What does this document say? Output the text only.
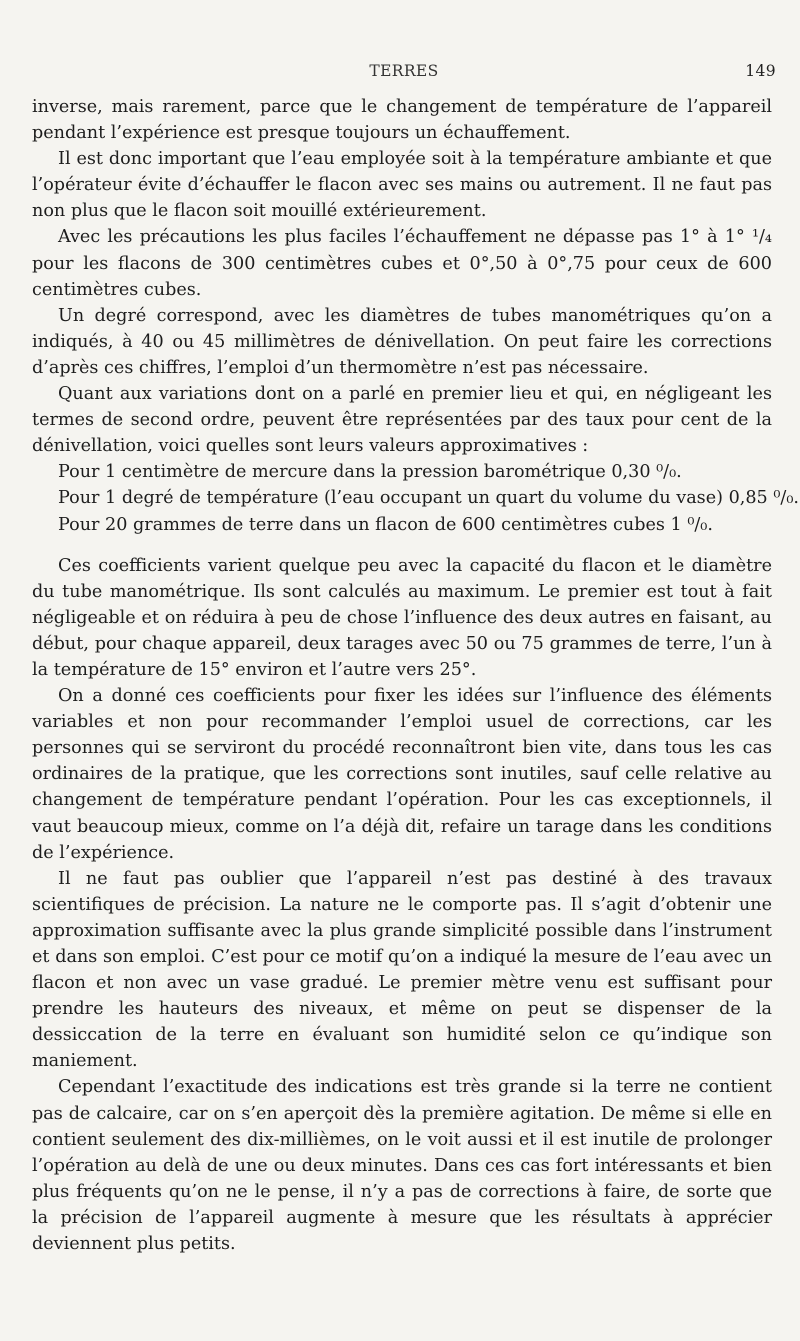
TERRES	149

inverse, mais rarement, parce que le changement de température de l’appareil pendant l’expérience est presque toujours un échauffement.

Il est donc important que l’eau employée soit à la température ambiante et que l’opérateur évite d’échauffer le flacon avec ses mains ou autrement. Il ne faut pas non plus que le flacon soit mouillé extérieurement.

Avec les précautions les plus faciles l’échauffement ne dépasse pas 1° à 1° ¹/₄ pour les flacons de 300 centimètres cubes et 0°,50 à 0°,75 pour ceux de 600 centimètres cubes.

Un degré correspond, avec les diamètres de tubes manométriques qu’on a indiqués, à 40 ou 45 millimètres de dénivellation. On peut faire les corrections d’après ces chiffres, l’emploi d’un thermomètre n’est pas nécessaire.

Quant aux variations dont on a parlé en premier lieu et qui, en négligeant les termes de second ordre, peuvent être représentées par des taux pour cent de la dénivellation, voici quelles sont leurs valeurs approximatives :

Pour 1 centimètre de mercure dans la pression barométrique 0,30 ⁰/₀.

Pour 1 degré de température (l’eau occupant un quart du volume du vase) 0,85 ⁰/₀.

Pour 20 grammes de terre dans un flacon de 600 centimètres cubes 1 ⁰/₀.

Ces coefficients varient quelque peu avec la capacité du flacon et le diamètre du tube manométrique. Ils sont calculés au maximum. Le premier est tout à fait négligeable et on réduira à peu de chose l’influence des deux autres en faisant, au début, pour chaque appareil, deux tarages avec 50 ou 75 grammes de terre, l’un à la température de 15° environ et l’autre vers 25°.

On a donné ces coefficients pour fixer les idées sur l’influence des éléments variables et non pour recommander l’emploi usuel de corrections, car les personnes qui se serviront du procédé reconnaîtront bien vite, dans tous les cas ordinaires de la pratique, que les corrections sont inutiles, sauf celle relative au changement de température pendant l’opération. Pour les cas exceptionnels, il vaut beaucoup mieux, comme on l’a déjà dit, refaire un tarage dans les conditions de l’expérience.

Il ne faut pas oublier que l’appareil n’est pas destiné à des travaux scientifiques de précision. La nature ne le comporte pas. Il s’agit d’obtenir une approximation suffisante avec la plus grande simplicité possible dans l’instrument et dans son emploi. C’est pour ce motif qu’on a indiqué la mesure de l’eau avec un flacon et non avec un vase gradué. Le premier mètre venu est suffisant pour prendre les hauteurs des niveaux, et même on peut se dispenser de la dessiccation de la terre en évaluant son humidité selon ce qu’indique son maniement.

Cependant l’exactitude des indications est très grande si la terre ne contient pas de calcaire, car on s’en aperçoit dès la première agitation. De même si elle en contient seulement des dix-millièmes, on le voit aussi et il est inutile de prolonger l’opération au delà de une ou deux minutes. Dans ces cas fort intéressants et bien plus fréquents qu’on ne le pense, il n’y a pas de corrections à faire, de sorte que la précision de l’appareil augmente à mesure que les résultats à apprécier deviennent plus petits.
